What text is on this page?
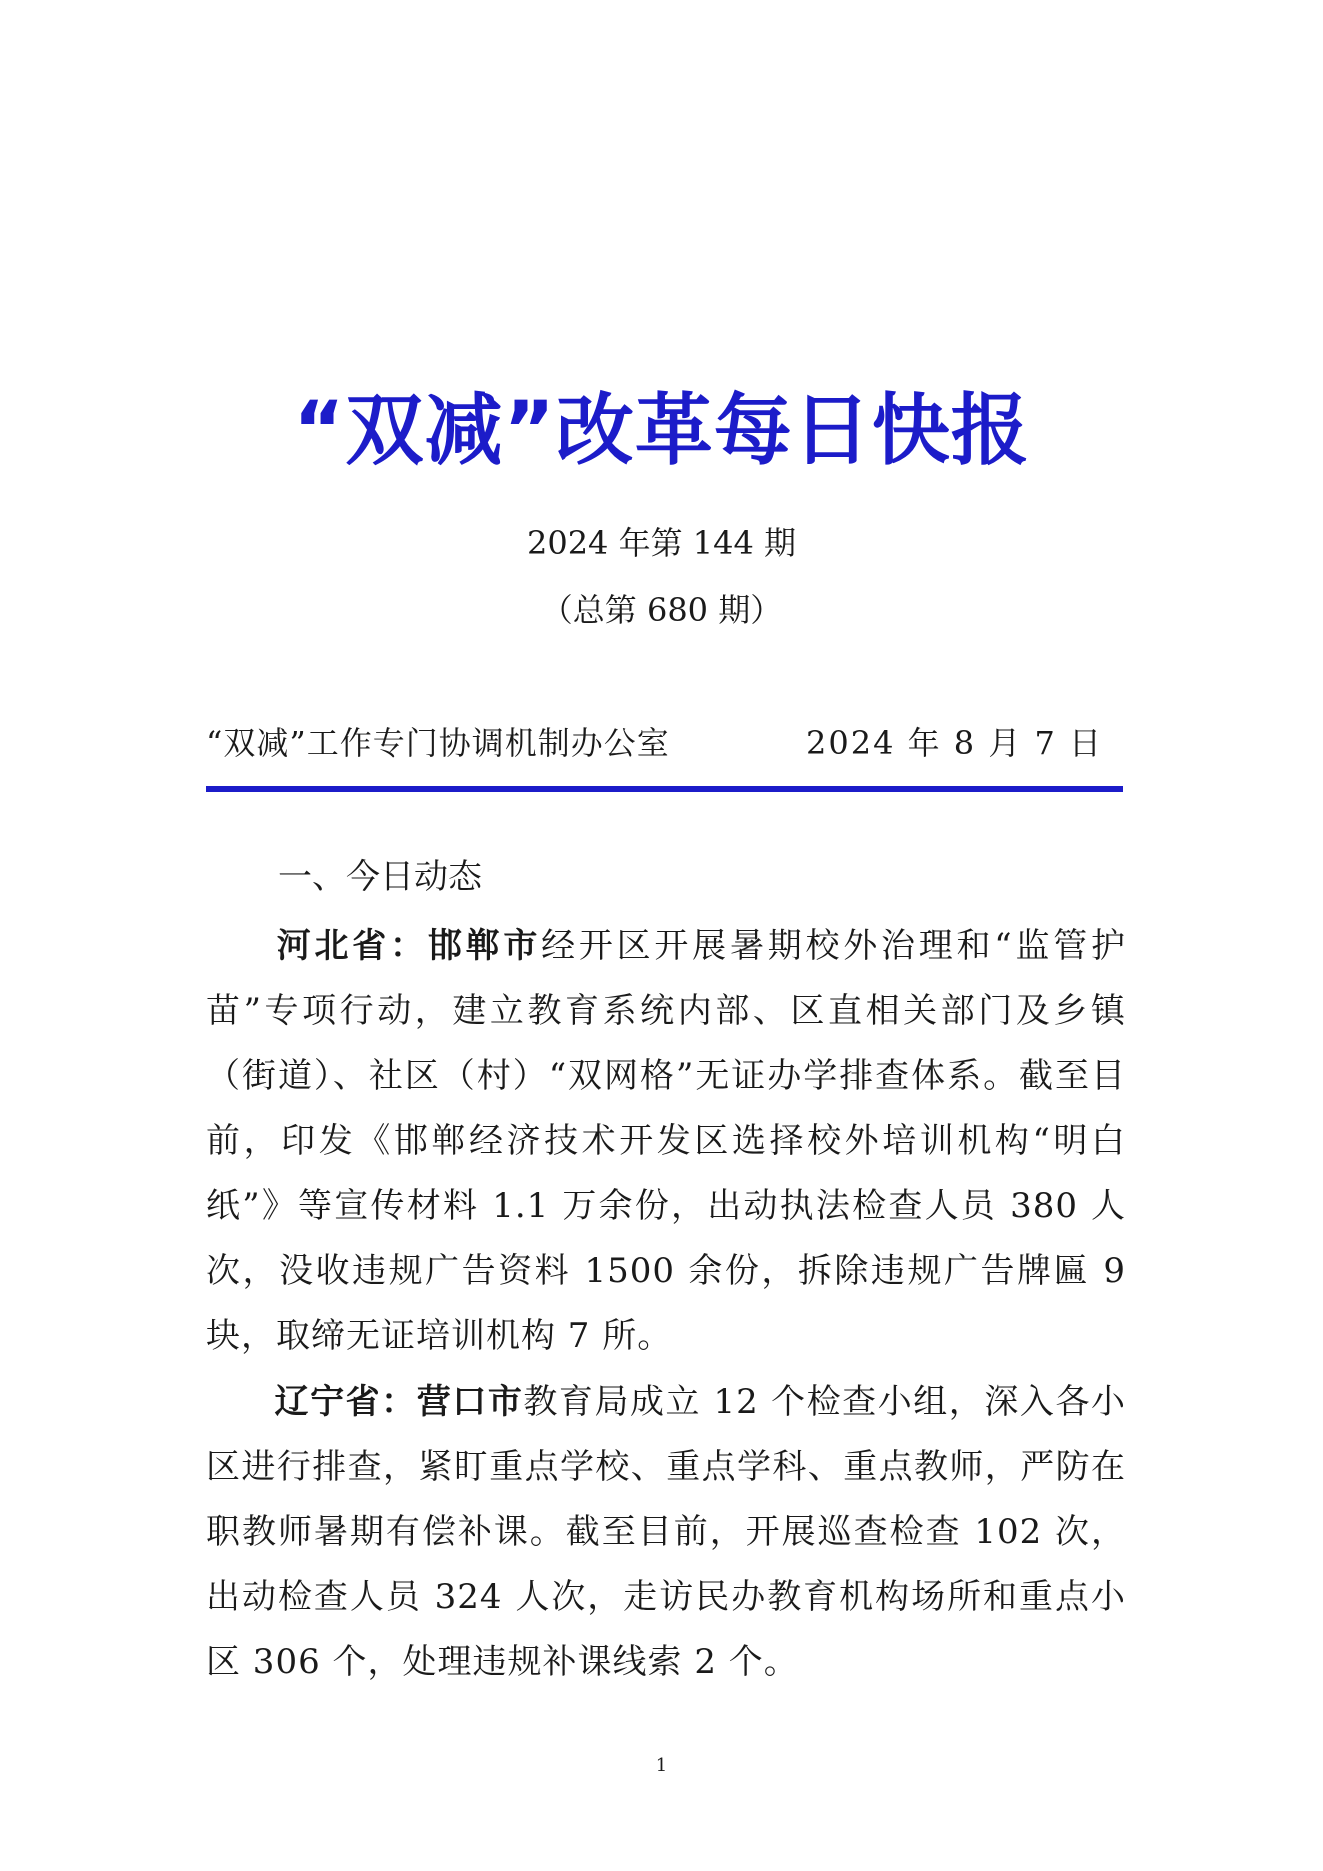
“双减”改革每日快报
2024 年第 144 期
（总第 680 期）
“双减”工作专门协调机制办公室	2024 年 8 月 7 日
一、今日动态
河北省：邯郸市经开区开展暑期校外治理和“监管护苗”专项行动，建立教育系统内部、区直相关部门及乡镇（街道）、社区（村）“双网格”无证办学排查体系。截至目前，印发《邯郸经济技术开发区选择校外培训机构“明白纸”》等宣传材料 1.1 万余份，出动执法检查人员 380 人次，没收违规广告资料 1500 余份，拆除违规广告牌匾 9 块，取缔无证培训机构 7 所。
辽宁省：营口市教育局成立 12 个检查小组，深入各小区进行排查，紧盯重点学校、重点学科、重点教师，严防在职教师暑期有偿补课。截至目前，开展巡查检查 102 次，出动检查人员 324 人次，走访民办教育机构场所和重点小区 306 个，处理违规补课线索 2 个。
1
